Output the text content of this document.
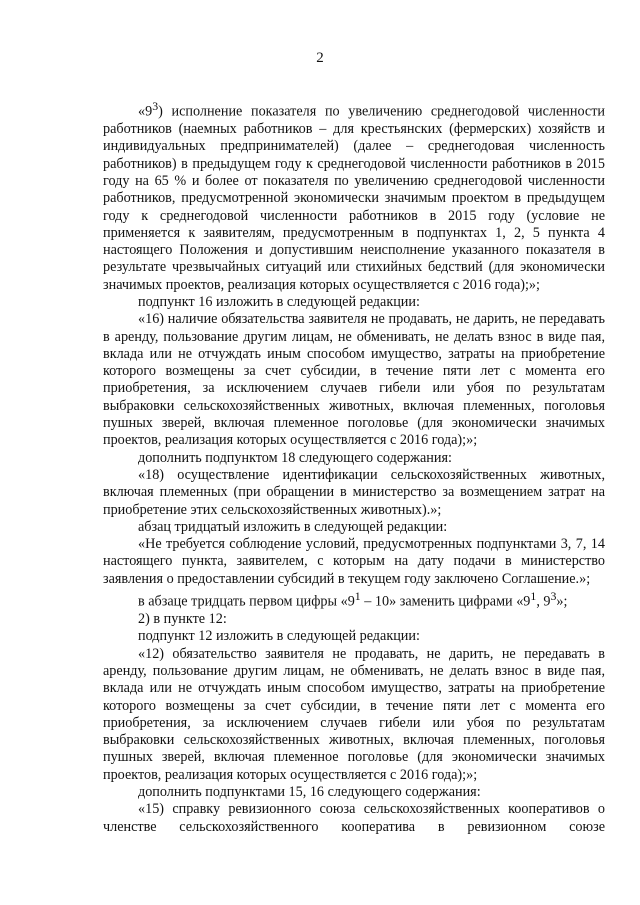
2

«$9^3$) исполнение показателя по увеличению среднегодовой численности работников (наемных работников – для крестьянских (фермерских) хозяйств и индивидуальных предпринимателей) (далее – среднегодовая численность работников) в предыдущем году к среднегодовой численности работников в 2015 году на 65 % и более от показателя по увеличению среднегодовой численности работников, предусмотренной экономически значимым проектом в предыдущем году к среднегодовой численности работников в 2015 году (условие не применяется к заявителям, предусмотренным в подпунктах 1, 2, 5 пункта 4 настоящего Положения и допустившим неисполнение указанного показателя в результате чрезвычайных ситуаций или стихийных бедствий (для экономически значимых проектов, реализация которых осуществляется с 2016 года);»;

подпункт 16 изложить в следующей редакции:

«16) наличие обязательства заявителя не продавать, не дарить, не передавать в аренду, пользование другим лицам, не обменивать, не делать взнос в виде пая, вклада или не отчуждать иным способом имущество, затраты на приобретение которого возмещены за счет субсидии, в течение пяти лет с момента его приобретения, за исключением случаев гибели или убоя по результатам выбраковки сельскохозяйственных животных, включая племенных, поголовья пушных зверей, включая племенное поголовье (для экономически значимых проектов, реализация которых осуществляется с 2016 года);»;

дополнить подпунктом 18 следующего содержания:

«18) осуществление идентификации сельскохозяйственных животных, включая племенных (при обращении в министерство за возмещением затрат на приобретение этих сельскохозяйственных животных).»;

абзац тридцатый изложить в следующей редакции:

«Не требуется соблюдение условий, предусмотренных подпунктами 3, 7, 14 настоящего пункта, заявителем, с которым на дату подачи в министерство заявления о предоставлении субсидий в текущем году заключено Соглашение.»;

в абзаце тридцать первом цифры «$9^1 - 10$» заменить цифрами «$9^1$, $9^3$»;

2) в пункте 12:

подпункт 12 изложить в следующей редакции:

«12) обязательство заявителя не продавать, не дарить, не передавать в аренду, пользование другим лицам, не обменивать, не делать взнос в виде пая, вклада или не отчуждать иным способом имущество, затраты на приобретение которого возмещены за счет субсидии, в течение пяти лет с момента его приобретения, за исключением случаев гибели или убоя по результатам выбраковки сельскохозяйственных животных, включая племенных, поголовья пушных зверей, включая племенное поголовье (для экономически значимых проектов, реализация которых осуществляется с 2016 года);»;

дополнить подпунктами 15, 16 следующего содержания:

«15) справку ревизионного союза сельскохозяйственных кооперативов о членстве сельскохозяйственного кооператива в ревизионном союзе
